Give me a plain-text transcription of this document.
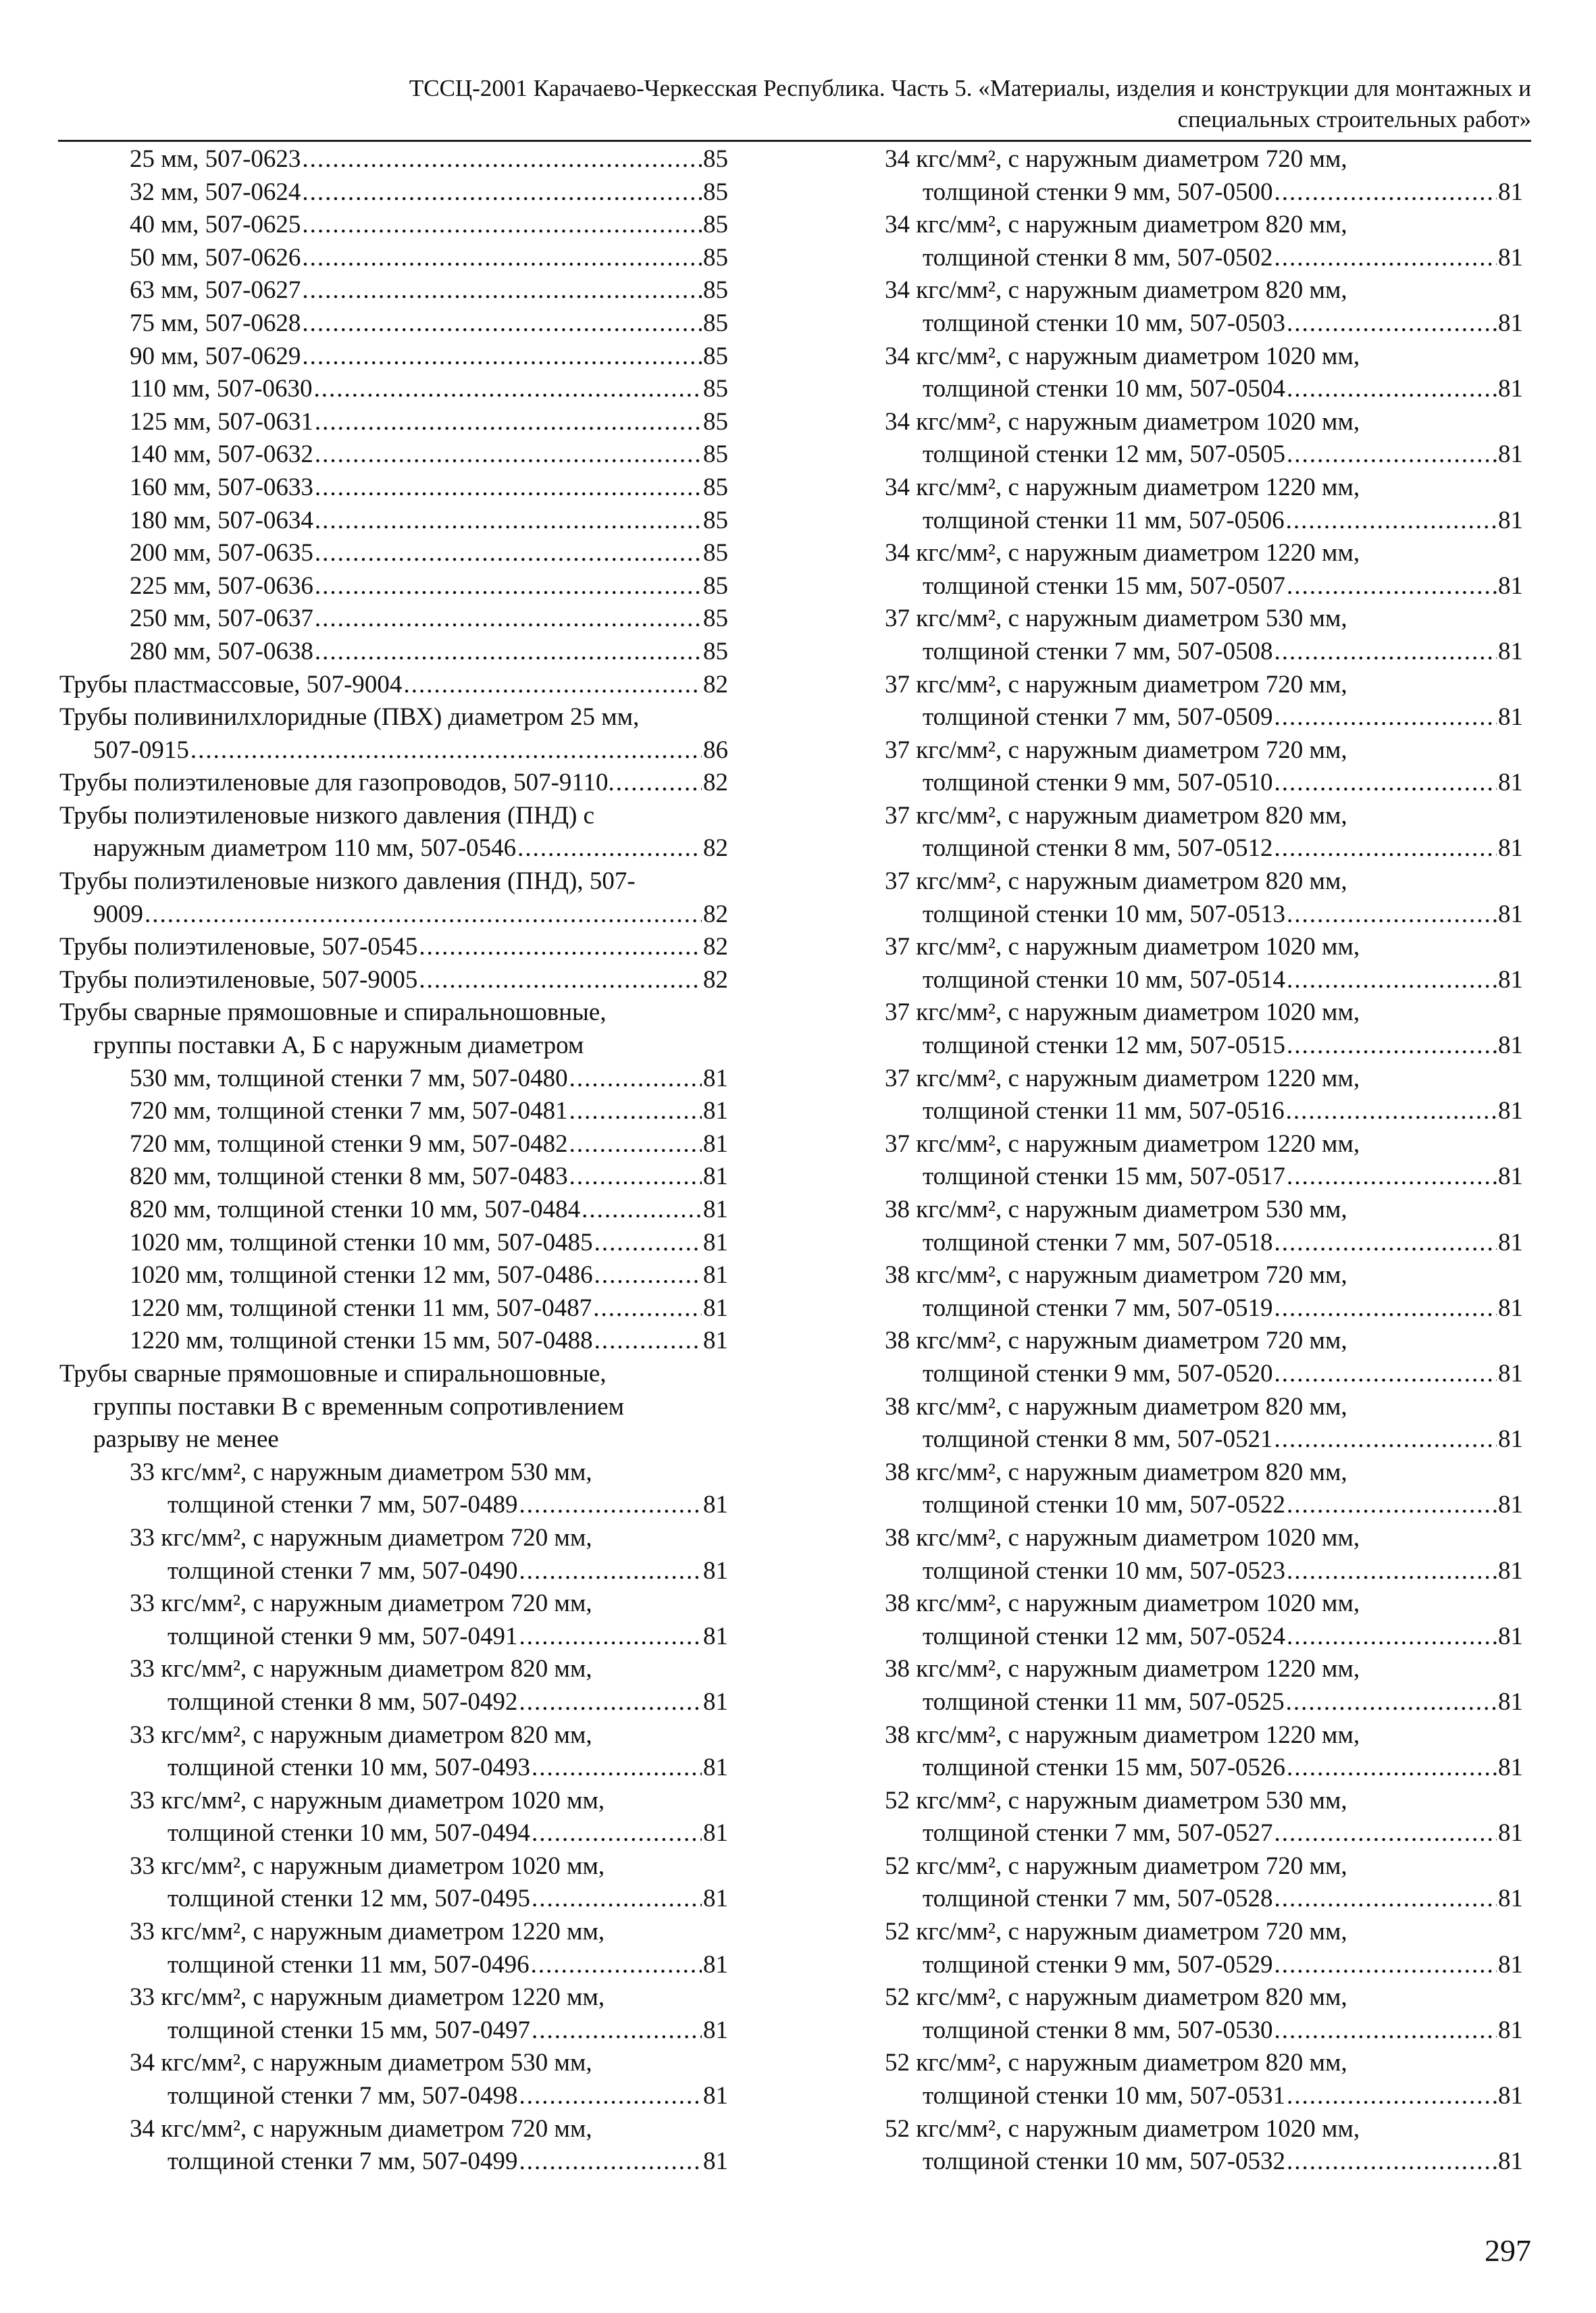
ТССЦ-2001 Карачаево-Черкесская Республика. Часть 5. «Материалы, изделия и конструкции для монтажных и
специальных строительных работ»
25 мм, 507-0623 .....	85
32 мм, 507-0624 .....	85
40 мм, 507-0625 .....	85
50 мм, 507-0626 .....	85
63 мм, 507-0627 .....	85
75 мм, 507-0628 .....	85
90 мм, 507-0629 .....	85
110 мм, 507-0630 .....	85
125 мм, 507-0631 .....	85
140 мм, 507-0632 .....	85
160 мм, 507-0633 .....	85
180 мм, 507-0634 .....	85
200 мм, 507-0635 .....	85
225 мм, 507-0636 .....	85
250 мм, 507-0637 .....	85
280 мм, 507-0638 .....	85
Трубы пластмассовые, 507-9004 .....	82
Трубы поливинилхлоридные (ПВХ) диаметром 25 мм,
507-0915 .....	86
Трубы полиэтиленовые для газопроводов, 507-9110. .....	82
Трубы полиэтиленовые низкого давления (ПНД) с
наружным диаметром 110 мм, 507-0546 .....	82
Трубы полиэтиленовые низкого давления (ПНД), 507-
9009 .....	82
Трубы полиэтиленовые, 507-0545 .....	82
Трубы полиэтиленовые, 507-9005 .....	82
Трубы сварные прямошовные и спиральношовные,
группы поставки А, Б с наружным диаметром
530 мм, толщиной стенки 7 мм, 507-0480 .....	81
720 мм, толщиной стенки 7 мм, 507-0481 .....	81
720 мм, толщиной стенки 9 мм, 507-0482 .....	81
820 мм, толщиной стенки 8 мм, 507-0483 .....	81
820 мм, толщиной стенки 10 мм, 507-0484 .....	81
1020 мм, толщиной стенки 10 мм, 507-0485 .....	81
1020 мм, толщиной стенки 12 мм, 507-0486 .....	81
1220 мм, толщиной стенки 11 мм, 507-0487 .....	81
1220 мм, толщиной стенки 15 мм, 507-0488 .....	81
Трубы сварные прямошовные и спиральношовные,
группы поставки В с временным сопротивлением
разрыву не менее
33 кгс/мм², с наружным диаметром 530 мм,
толщиной стенки 7 мм, 507-0489 .....	81
33 кгс/мм², с наружным диаметром 720 мм,
толщиной стенки 7 мм, 507-0490 .....	81
33 кгс/мм², с наружным диаметром 720 мм,
толщиной стенки 9 мм, 507-0491 .....	81
33 кгс/мм², с наружным диаметром 820 мм,
толщиной стенки 8 мм, 507-0492 .....	81
33 кгс/мм², с наружным диаметром 820 мм,
толщиной стенки 10 мм, 507-0493 .....	81
33 кгс/мм², с наружным диаметром 1020 мм,
толщиной стенки 10 мм, 507-0494 .....	81
33 кгс/мм², с наружным диаметром 1020 мм,
толщиной стенки 12 мм, 507-0495 .....	81
33 кгс/мм², с наружным диаметром 1220 мм,
толщиной стенки 11 мм, 507-0496 .....	81
33 кгс/мм², с наружным диаметром 1220 мм,
толщиной стенки 15 мм, 507-0497 .....	81
34 кгс/мм², с наружным диаметром 530 мм,
толщиной стенки 7 мм, 507-0498 .....	81
34 кгс/мм², с наружным диаметром 720 мм,
толщиной стенки 7 мм, 507-0499 .....	81
34 кгс/мм², с наружным диаметром 720 мм,
толщиной стенки 9 мм, 507-0500 .....	81
34 кгс/мм², с наружным диаметром 820 мм,
толщиной стенки 8 мм, 507-0502 .....	81
34 кгс/мм², с наружным диаметром 820 мм,
толщиной стенки 10 мм, 507-0503 .....	81
34 кгс/мм², с наружным диаметром 1020 мм,
толщиной стенки 10 мм, 507-0504 .....	81
34 кгс/мм², с наружным диаметром 1020 мм,
толщиной стенки 12 мм, 507-0505 .....	81
34 кгс/мм², с наружным диаметром 1220 мм,
толщиной стенки 11 мм, 507-0506 .....	81
34 кгс/мм², с наружным диаметром 1220 мм,
толщиной стенки 15 мм, 507-0507 .....	81
37 кгс/мм², с наружным диаметром 530 мм,
толщиной стенки 7 мм, 507-0508 .....	81
37 кгс/мм², с наружным диаметром 720 мм,
толщиной стенки 7 мм, 507-0509 .....	81
37 кгс/мм², с наружным диаметром 720 мм,
толщиной стенки 9 мм, 507-0510 .....	81
37 кгс/мм², с наружным диаметром 820 мм,
толщиной стенки 8 мм, 507-0512 .....	81
37 кгс/мм², с наружным диаметром 820 мм,
толщиной стенки 10 мм, 507-0513 .....	81
37 кгс/мм², с наружным диаметром 1020 мм,
толщиной стенки 10 мм, 507-0514 .....	81
37 кгс/мм², с наружным диаметром 1020 мм,
толщиной стенки 12 мм, 507-0515 .....	81
37 кгс/мм², с наружным диаметром 1220 мм,
толщиной стенки 11 мм, 507-0516 .....	81
37 кгс/мм², с наружным диаметром 1220 мм,
толщиной стенки 15 мм, 507-0517 .....	81
38 кгс/мм², с наружным диаметром 530 мм,
толщиной стенки 7 мм, 507-0518 .....	81
38 кгс/мм², с наружным диаметром 720 мм,
толщиной стенки 7 мм, 507-0519 .....	81
38 кгс/мм², с наружным диаметром 720 мм,
толщиной стенки 9 мм, 507-0520 .....	81
38 кгс/мм², с наружным диаметром 820 мм,
толщиной стенки 8 мм, 507-0521 .....	81
38 кгс/мм², с наружным диаметром 820 мм,
толщиной стенки 10 мм, 507-0522 .....	81
38 кгс/мм², с наружным диаметром 1020 мм,
толщиной стенки 10 мм, 507-0523 .....	81
38 кгс/мм², с наружным диаметром 1020 мм,
толщиной стенки 12 мм, 507-0524 .....	81
38 кгс/мм², с наружным диаметром 1220 мм,
толщиной стенки 11 мм, 507-0525 .....	81
38 кгс/мм², с наружным диаметром 1220 мм,
толщиной стенки 15 мм, 507-0526 .....	81
52 кгс/мм², с наружным диаметром 530 мм,
толщиной стенки 7 мм, 507-0527 .....	81
52 кгс/мм², с наружным диаметром 720 мм,
толщиной стенки 7 мм, 507-0528 .....	81
52 кгс/мм², с наружным диаметром 720 мм,
толщиной стенки 9 мм, 507-0529 .....	81
52 кгс/мм², с наружным диаметром 820 мм,
толщиной стенки 8 мм, 507-0530 .....	81
52 кгс/мм², с наружным диаметром 820 мм,
толщиной стенки 10 мм, 507-0531 .....	81
52 кгс/мм², с наружным диаметром 1020 мм,
толщиной стенки 10 мм, 507-0532 .....	81
297
